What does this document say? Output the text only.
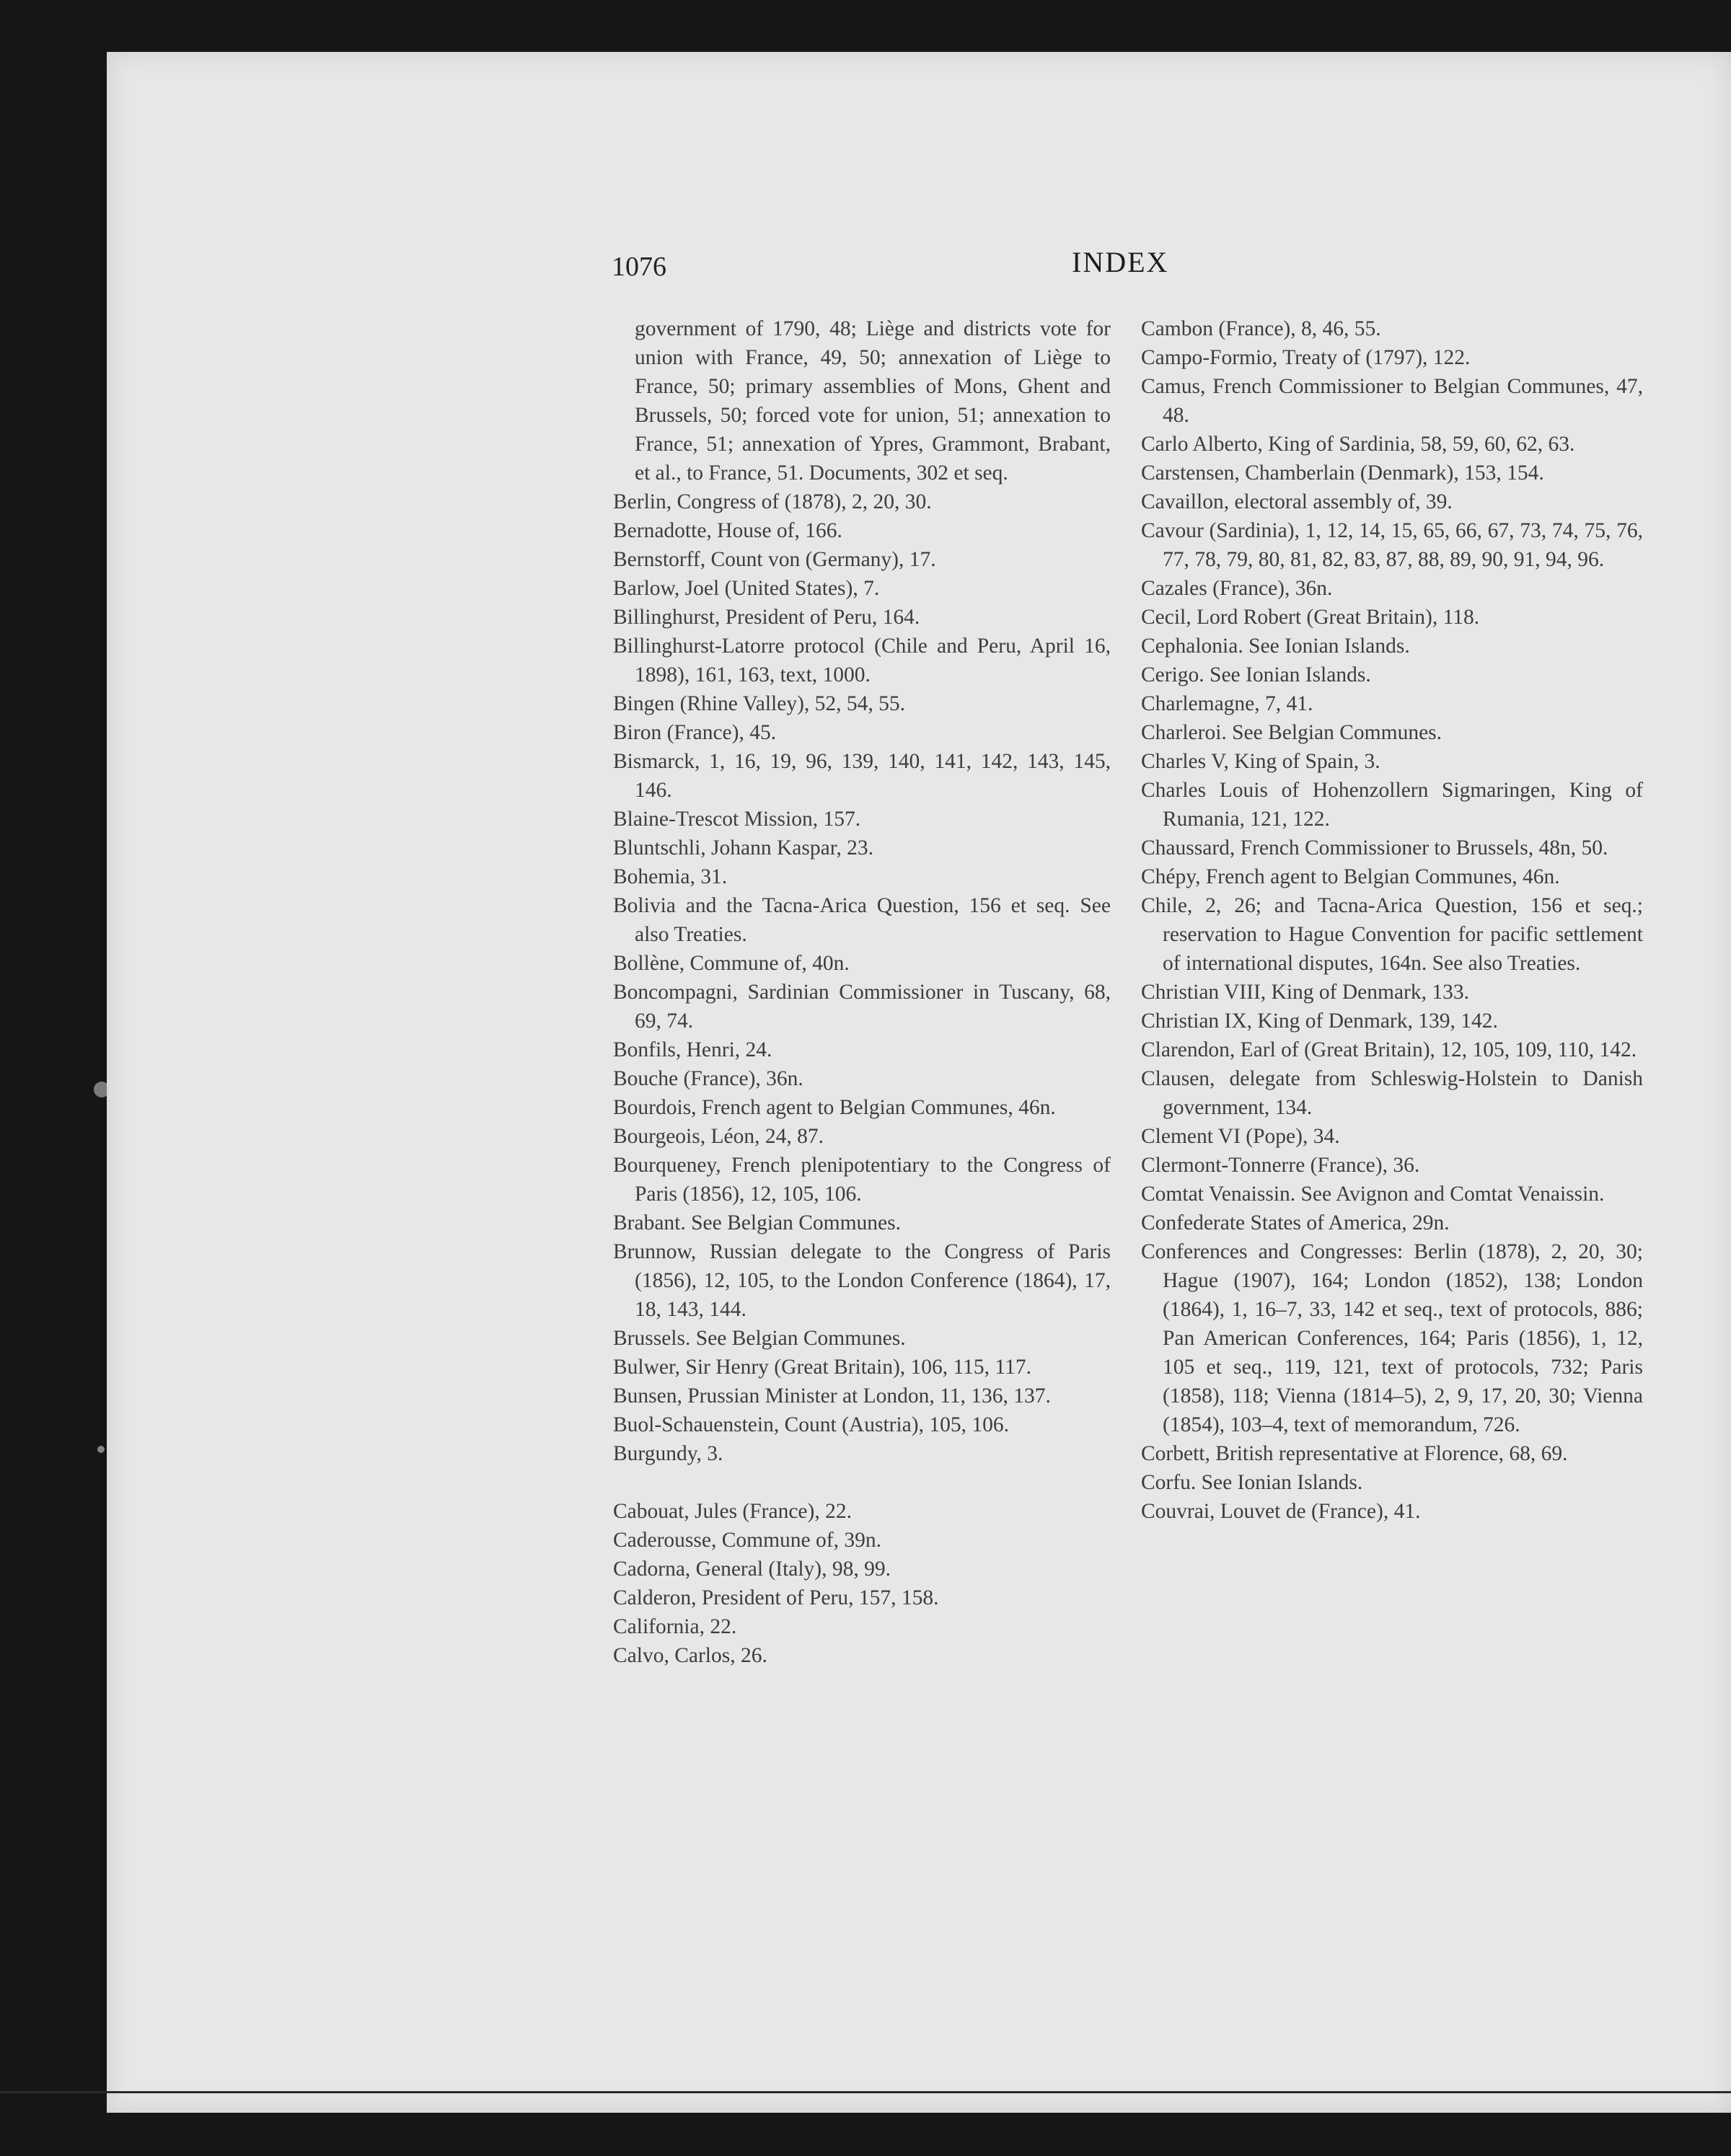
1076	INDEX
government of 1790, 48; Liège and districts vote for union with France, 49, 50; annexation of Liège to France, 50; primary assemblies of Mons, Ghent and Brussels, 50; forced vote for union, 51; annexation to France, 51; annexation of Ypres, Grammont, Brabant, et al., to France, 51. Documents, 302 et seq.
Berlin, Congress of (1878), 2, 20, 30.
Bernadotte, House of, 166.
Bernstorff, Count von (Germany), 17.
Barlow, Joel (United States), 7.
Billinghurst, President of Peru, 164.
Billinghurst-Latorre protocol (Chile and Peru, April 16, 1898), 161, 163, text, 1000.
Bingen (Rhine Valley), 52, 54, 55.
Biron (France), 45.
Bismarck, 1, 16, 19, 96, 139, 140, 141, 142, 143, 145, 146.
Blaine-Trescot Mission, 157.
Bluntschli, Johann Kaspar, 23.
Bohemia, 31.
Bolivia and the Tacna-Arica Question, 156 et seq. See also Treaties.
Bollène, Commune of, 40n.
Boncompagni, Sardinian Commissioner in Tuscany, 68, 69, 74.
Bonfils, Henri, 24.
Bouche (France), 36n.
Bourdois, French agent to Belgian Communes, 46n.
Bourgeois, Léon, 24, 87.
Bourqueney, French plenipotentiary to the Congress of Paris (1856), 12, 105, 106.
Brabant. See Belgian Communes.
Brunnow, Russian delegate to the Congress of Paris (1856), 12, 105, to the London Conference (1864), 17, 18, 143, 144.
Brussels. See Belgian Communes.
Bulwer, Sir Henry (Great Britain), 106, 115, 117.
Bunsen, Prussian Minister at London, 11, 136, 137.
Buol-Schauenstein, Count (Austria), 105, 106.
Burgundy, 3.
Cabouat, Jules (France), 22.
Caderousse, Commune of, 39n.
Cadorna, General (Italy), 98, 99.
Calderon, President of Peru, 157, 158.
California, 22.
Calvo, Carlos, 26.
Cambon (France), 8, 46, 55.
Campo-Formio, Treaty of (1797), 122.
Camus, French Commissioner to Belgian Communes, 47, 48.
Carlo Alberto, King of Sardinia, 58, 59, 60, 62, 63.
Carstensen, Chamberlain (Denmark), 153, 154.
Cavaillon, electoral assembly of, 39.
Cavour (Sardinia), 1, 12, 14, 15, 65, 66, 67, 73, 74, 75, 76, 77, 78, 79, 80, 81, 82, 83, 87, 88, 89, 90, 91, 94, 96.
Cazales (France), 36n.
Cecil, Lord Robert (Great Britain), 118.
Cephalonia. See Ionian Islands.
Cerigo. See Ionian Islands.
Charlemagne, 7, 41.
Charleroi. See Belgian Communes.
Charles V, King of Spain, 3.
Charles Louis of Hohenzollern Sigmaringen, King of Rumania, 121, 122.
Chaussard, French Commissioner to Brussels, 48n, 50.
Chépy, French agent to Belgian Communes, 46n.
Chile, 2, 26; and Tacna-Arica Question, 156 et seq.; reservation to Hague Convention for pacific settlement of international disputes, 164n. See also Treaties.
Christian VIII, King of Denmark, 133.
Christian IX, King of Denmark, 139, 142.
Clarendon, Earl of (Great Britain), 12, 105, 109, 110, 142.
Clausen, delegate from Schleswig-Holstein to Danish government, 134.
Clement VI (Pope), 34.
Clermont-Tonnerre (France), 36.
Comtat Venaissin. See Avignon and Comtat Venaissin.
Confederate States of America, 29n.
Conferences and Congresses: Berlin (1878), 2, 20, 30; Hague (1907), 164; London (1852), 138; London (1864), 1, 16–7, 33, 142 et seq., text of protocols, 886; Pan American Conferences, 164; Paris (1856), 1, 12, 105 et seq., 119, 121, text of protocols, 732; Paris (1858), 118; Vienna (1814–5), 2, 9, 17, 20, 30; Vienna (1854), 103–4, text of memorandum, 726.
Corbett, British representative at Florence, 68, 69.
Corfu. See Ionian Islands.
Couvrai, Louvet de (France), 41.
